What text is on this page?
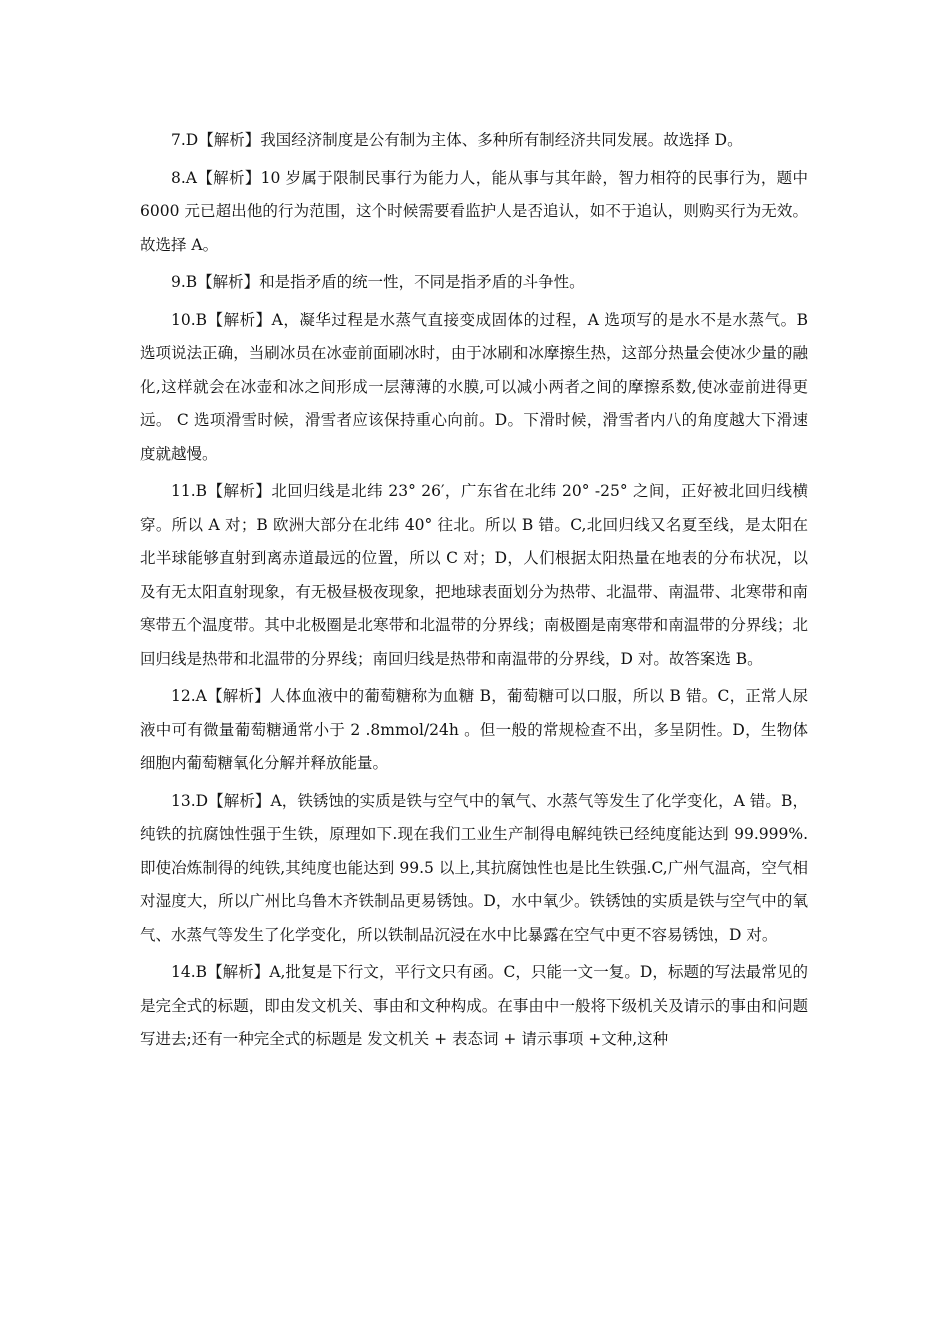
7.D【解析】我国经济制度是公有制为主体、多种所有制经济共同发展。故选择 D。

8.A【解析】10 岁属于限制民事行为能力人，能从事与其年龄，智力相符的民事行为，题中 6000 元已超出他的行为范围，这个时候需要看监护人是否追认，如不于追认，则购买行为无效。故选择 A。

9.B【解析】和是指矛盾的统一性，不同是指矛盾的斗争性。

10.B【解析】A，凝华过程是水蒸气直接变成固体的过程，A 选项写的是水不是水蒸气。B 选项说法正确，当刷冰员在冰壶前面刷冰时，由于冰刷和冰摩擦生热，这部分热量会使冰少量的融化,这样就会在冰壶和冰之间形成一层薄薄的水膜,可以减小两者之间的摩擦系数,使冰壶前进得更远。 C 选项滑雪时候，滑雪者应该保持重心向前。D。下滑时候，滑雪者内八的角度越大下滑速度就越慢。

11.B【解析】北回归线是北纬 23° 26′，广东省在北纬 20° -25° 之间，正好被北回归线横穿。所以 A 对；B 欧洲大部分在北纬 40° 往北。所以 B 错。C,北回归线又名夏至线，是太阳在北半球能够直射到离赤道最远的位置，所以 C 对；D，人们根据太阳热量在地表的分布状况，以及有无太阳直射现象，有无极昼极夜现象，把地球表面划分为热带、北温带、南温带、北寒带和南寒带五个温度带。其中北极圈是北寒带和北温带的分界线；南极圈是南寒带和南温带的分界线；北回归线是热带和北温带的分界线；南回归线是热带和南温带的分界线，D 对。故答案选 B。

12.A【解析】人体血液中的葡萄糖称为血糖 B，葡萄糖可以口服，所以 B 错。C，正常人尿液中可有微量葡萄糖通常小于 2 .8mmol/24h 。但一般的常规检查不出，多呈阴性。D，生物体细胞内葡萄糖氧化分解并释放能量。

13.D【解析】A，铁锈蚀的实质是铁与空气中的氧气、水蒸气等发生了化学变化，A 错。B，纯铁的抗腐蚀性强于生铁，原理如下.现在我们工业生产制得电解纯铁已经纯度能达到 99.999%.即使冶炼制得的纯铁,其纯度也能达到 99.5 以上,其抗腐蚀性也是比生铁强.C,广州气温高，空气相对湿度大，所以广州比乌鲁木齐铁制品更易锈蚀。D，水中氧少。铁锈蚀的实质是铁与空气中的氧气、水蒸气等发生了化学变化，所以铁制品沉浸在水中比暴露在空气中更不容易锈蚀，D 对。

14.B【解析】A,批复是下行文，平行文只有函。C，只能一文一复。D，标题的写法最常见的是完全式的标题，即由发文机关、事由和文种构成。在事由中一般将下级机关及请示的事由和问题写进去;还有一种完全式的标题是 发文机关 + 表态词 + 请示事项 +文种,这种
